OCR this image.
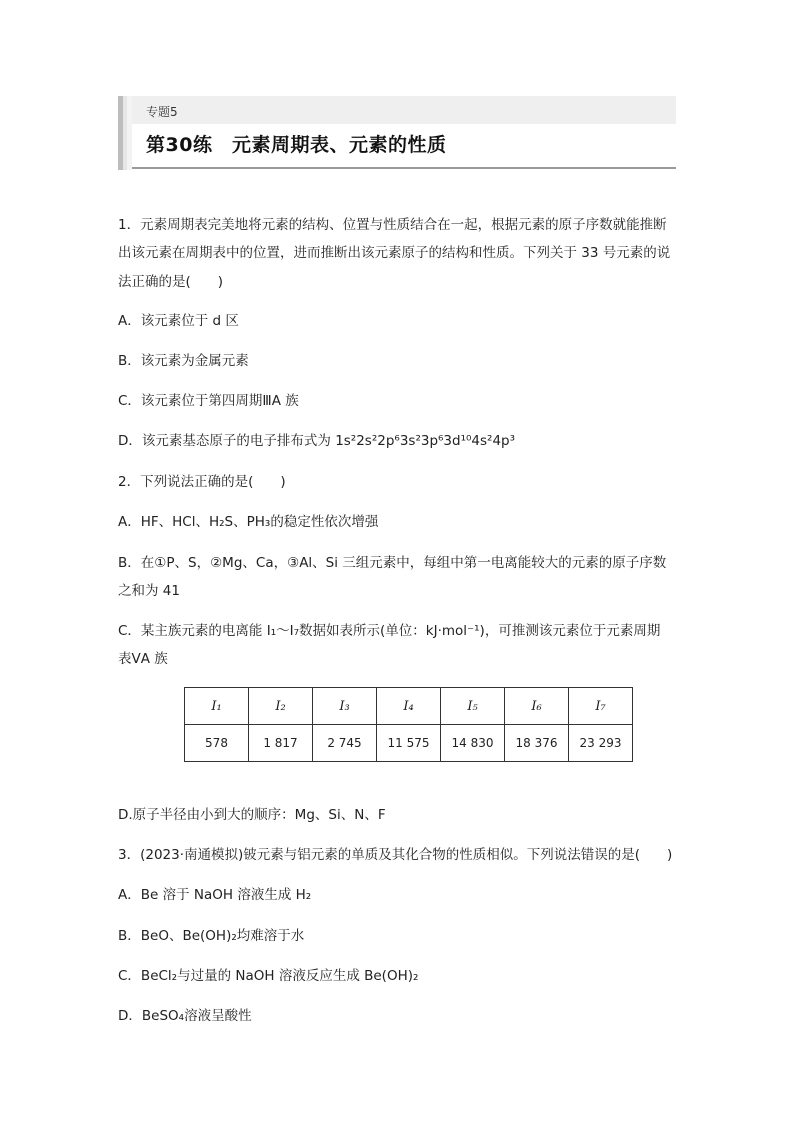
专题5
第30练　元素周期表、元素的性质
1．元素周期表完美地将元素的结构、位置与性质结合在一起，根据元素的原子序数就能推断
出该元素在周期表中的位置，进而推断出该元素原子的结构和性质。下列关于 33 号元素的说
法正确的是(　　)
A．该元素位于 d 区
B．该元素为金属元素
C．该元素位于第四周期ⅢA 族
D．该元素基态原子的电子排布式为 1s²2s²2p⁶3s²3p⁶3d¹⁰4s²4p³
2．下列说法正确的是(　　)
A．HF、HCl、H₂S、PH₃的稳定性依次增强
B．在①P、S，②Mg、Ca，③Al、Si 三组元素中，每组中第一电离能较大的元素的原子序数
之和为 41
C．某主族元素的电离能 I₁～I₇数据如表所示(单位：kJ·mol⁻¹)，可推测该元素位于元素周期
表ⅤA 族
I₁	I₂	I₃	I₄	I₅	I₆	I₇
578	1 817	2 745	11 575	14 830	18 376	23 293
D.原子半径由小到大的顺序：Mg、Si、N、F
3．(2023·南通模拟)铍元素与铝元素的单质及其化合物的性质相似。下列说法错误的是(　　)
A．Be 溶于 NaOH 溶液生成 H₂
B．BeO、Be(OH)₂均难溶于水
C．BeCl₂与过量的 NaOH 溶液反应生成 Be(OH)₂
D．BeSO₄溶液呈酸性
